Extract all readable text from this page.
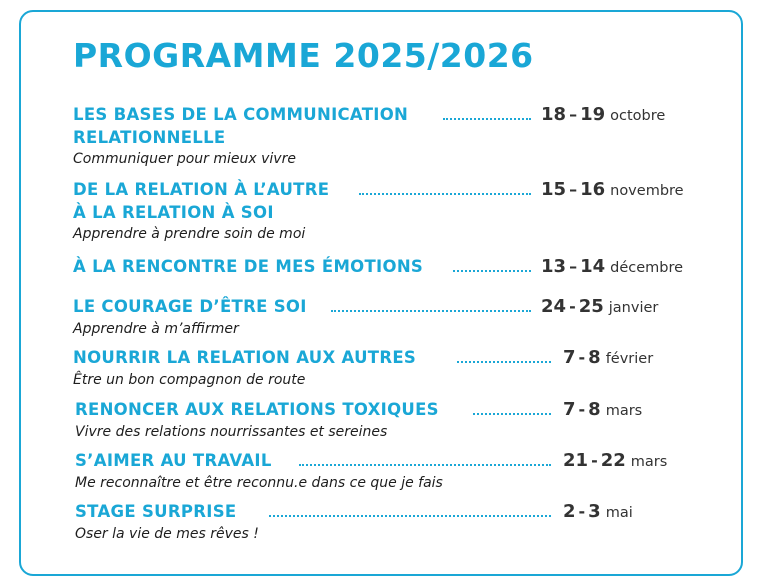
PROGRAMME 2025/2026
LES BASES DE LA COMMUNICATION	18 – 19 octobre
RELATIONNELLE
Communiquer pour mieux vivre
DE LA RELATION À L’AUTRE	15 – 16 novembre
À LA RELATION À SOI
Apprendre à prendre soin de moi
À LA RENCONTRE DE MES ÉMOTIONS	13 – 14 décembre
LE COURAGE D’ÊTRE SOI	24 - 25 janvier
Apprendre à m’affirmer
NOURRIR LA RELATION AUX AUTRES	7 - 8 février
Être un bon compagnon de route
RENONCER AUX RELATIONS TOXIQUES	7 - 8 mars
Vivre des relations nourrissantes et sereines
S’AIMER AU TRAVAIL	21 - 22 mars
Me reconnaître et être reconnu.e dans ce que je fais
STAGE SURPRISE	2 - 3 mai
Oser la vie de mes rêves !
